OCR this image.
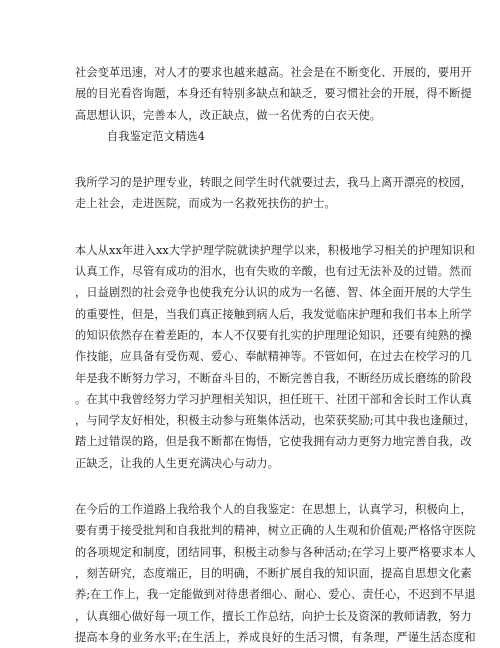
社会变革迅速，对人才的要求也越来越高。社会是在不断变化、开展的，要用开
展的目光看咨询题，本身还有特别多缺点和缺乏，要习惯社会的开展，得不断提
高思想认识，完善本人，改正缺点，做一名优秀的白衣天使。

自我鉴定范文精选4

我所学习的是护理专业，转眼之间学生时代就要过去，我马上离开漂亮的校园，
走上社会，走进医院，而成为一名救死扶伤的护士。

本人从xx年进入xx大学护理学院就读护理学以来，积极地学习相关的护理知识和
认真工作，尽管有成功的泪水，也有失败的辛酸，也有过无法补及的过错。然而
，日益剧烈的社会竞争也使我充分认识的成为一名德、智、体全面开展的大学生
的重要性，但是，当我们真正接触到病人后，我发觉临床护理和我们书本上所学
的知识依然存在着差距的，本人不仅要有扎实的护理理论知识，还要有纯熟的操
作技能，应具备有受伤观、爱心、奉献精神等。不管如何，在过去在校学习的几
年是我不断努力学习，不断奋斗目的，不断完善自我，不断经历成长磨练的阶段
。在其中我曾经努力学习护理相关知识，担任班干、社团干部和舍长时工作认真
，与同学友好相处，积极主动参与班集体活动，也荣获奖励;可其中我也逢颠过，
踏上过错误的路，但是我不断都在悔悟，它使我拥有动力更努力地完善自我，改
正缺乏，让我的人生更充满决心与动力。

在今后的工作道路上我给我个人的自我鉴定：在思想上，认真学习，积极向上，
要有勇于接受批判和自我批判的精神，树立正确的人生观和价值观;严格恪守医院
的各项规定和制度，团结同事，积极主动参与各种活动;在学习上要严格要求本人
，刻苦研究，态度端正，目的明确，不断扩展自我的知识面，提高自思想文化素
养;在工作上，我一定能做到对待患者细心、耐心、爱心、责任心，不迟到不早退
，认真细心做好每一项工作，擅长工作总结，向护士长及资深的教师请教，努力
提高本身的业务水平;在生活上，养成良好的生活习惯，有条理，严谨生活态度和
